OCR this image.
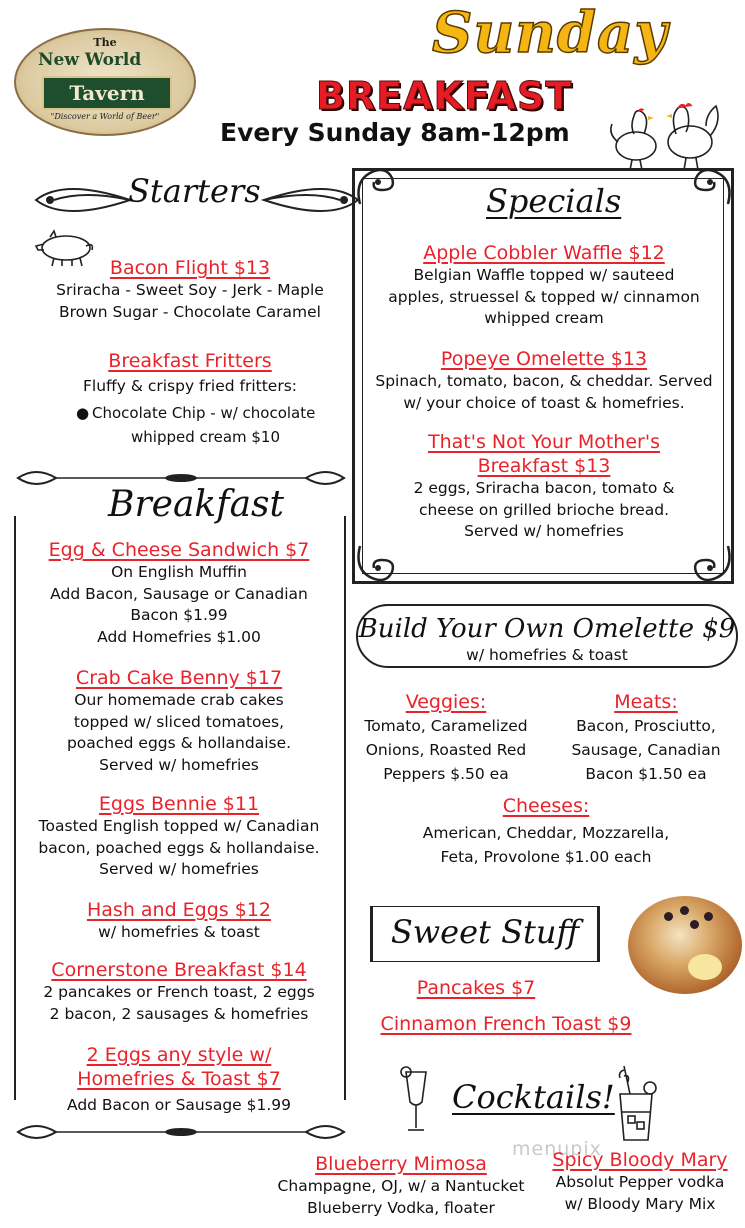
The
New World
Tavern
"Discover a World of Beer"
Sunday
BREAKFAST
Every Sunday 8am-12pm
Starters
Bacon Flight $13
Sriracha - Sweet Soy - Jerk - Maple
Brown Sugar - Chocolate Caramel
Breakfast Fritters
Fluffy & crispy fried fritters:
● Chocolate Chip - w/ chocolate
whipped cream $10
Breakfast
Egg & Cheese Sandwich $7
On English Muffin
Add Bacon, Sausage or Canadian
Bacon $1.99
Add Homefries $1.00
Crab Cake Benny $17
Our homemade crab cakes
topped w/ sliced tomatoes,
poached eggs & hollandaise.
Served w/ homefries
Eggs Bennie $11
Toasted English topped w/ Canadian
bacon, poached eggs & hollandaise.
Served w/ homefries
Hash and Eggs $12
w/ homefries & toast
Cornerstone Breakfast $14
2 pancakes or French toast, 2 eggs
2 bacon, 2 sausages & homefries
2 Eggs any style w/
Homefries & Toast $7
Add Bacon or Sausage $1.99
Specials
Apple Cobbler Waffle $12
Belgian Waffle topped w/ sauteed
apples, struessel & topped w/ cinnamon
whipped cream
Popeye Omelette $13
Spinach, tomato, bacon, & cheddar. Served
w/ your choice of toast & homefries.
That's Not Your Mother's
Breakfast $13
2 eggs, Sriracha bacon, tomato &
cheese on grilled brioche bread.
Served w/ homefries
Build Your Own Omelette $9
w/ homefries & toast
Veggies:
Tomato, Caramelized
Onions, Roasted Red
Peppers $.50 ea
Meats:
Bacon, Prosciutto,
Sausage, Canadian
Bacon $1.50 ea
Cheeses:
American, Cheddar, Mozzarella,
Feta, Provolone $1.00 each
Sweet Stuff
Pancakes $7
Cinnamon French Toast $9
Cocktails!
menupix
Blueberry Mimosa
Champagne, OJ, w/ a Nantucket
Blueberry Vodka, floater
Spicy Bloody Mary
Absolut Pepper vodka
w/ Bloody Mary Mix
